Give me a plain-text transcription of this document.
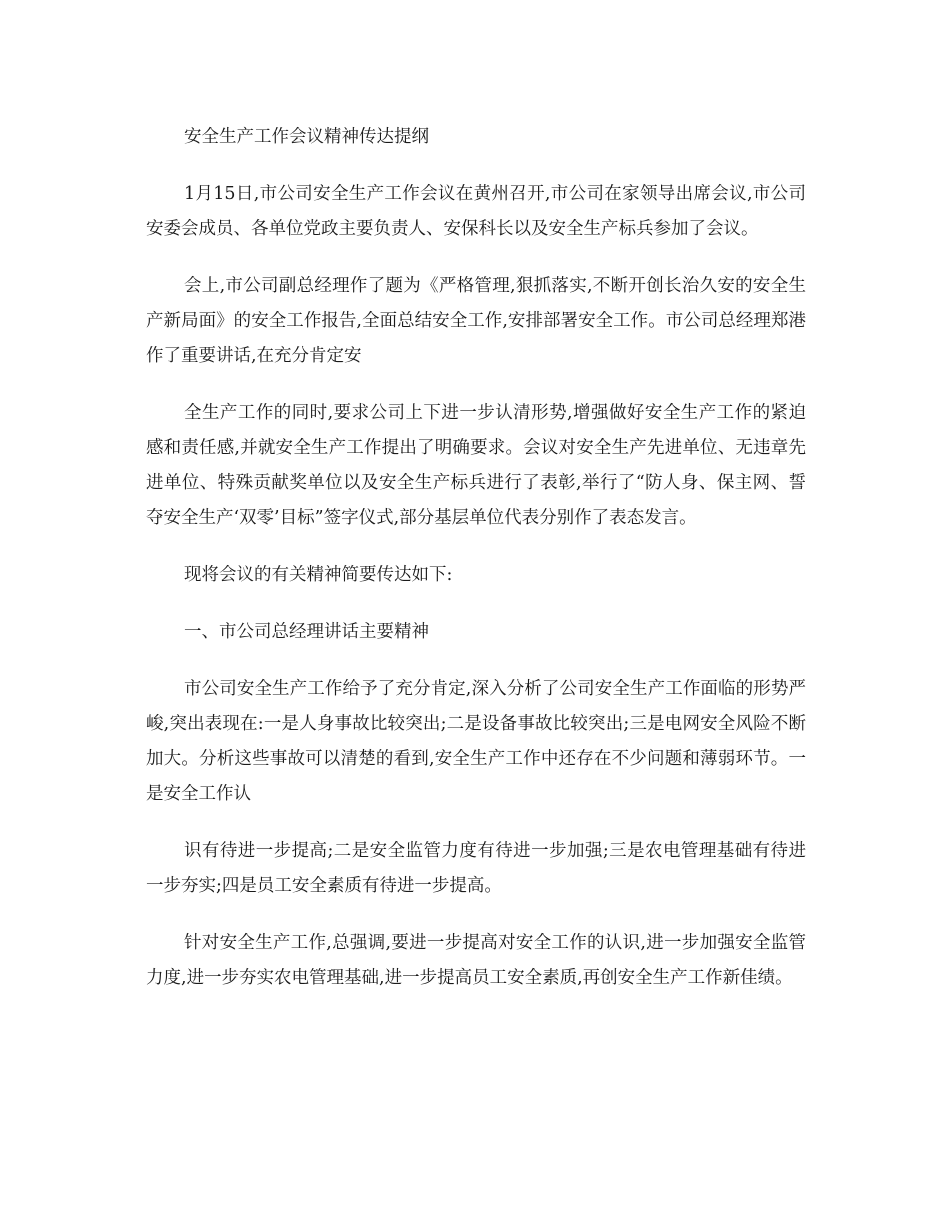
安全生产工作会议精神传达提纲

1月15日,市公司安全生产工作会议在黄州召开,市公司在家领导出席会议,市公司安委会成员、各单位党政主要负责人、安保科长以及安全生产标兵参加了会议。

会上,市公司副总经理作了题为《严格管理,狠抓落实,不断开创长治久安的安全生产新局面》的安全工作报告,全面总结安全工作,安排部署安全工作。市公司总经理郑港作了重要讲话,在充分肯定安

全生产工作的同时,要求公司上下进一步认清形势,增强做好安全生产工作的紧迫感和责任感,并就安全生产工作提出了明确要求。会议对安全生产先进单位、无违章先进单位、特殊贡献奖单位以及安全生产标兵进行了表彰,举行了“防人身、保主网、誓夺安全生产‘双零’目标”签字仪式,部分基层单位代表分别作了表态发言。

现将会议的有关精神简要传达如下:

一、市公司总经理讲话主要精神

市公司安全生产工作给予了充分肯定,深入分析了公司安全生产工作面临的形势严峻,突出表现在:一是人身事故比较突出;二是设备事故比较突出;三是电网安全风险不断加大。分析这些事故可以清楚的看到,安全生产工作中还存在不少问题和薄弱环节。一是安全工作认

识有待进一步提高;二是安全监管力度有待进一步加强;三是农电管理基础有待进一步夯实;四是员工安全素质有待进一步提高。

针对安全生产工作,总强调,要进一步提高对安全工作的认识,进一步加强安全监管力度,进一步夯实农电管理基础,进一步提高员工安全素质,再创安全生产工作新佳绩。
